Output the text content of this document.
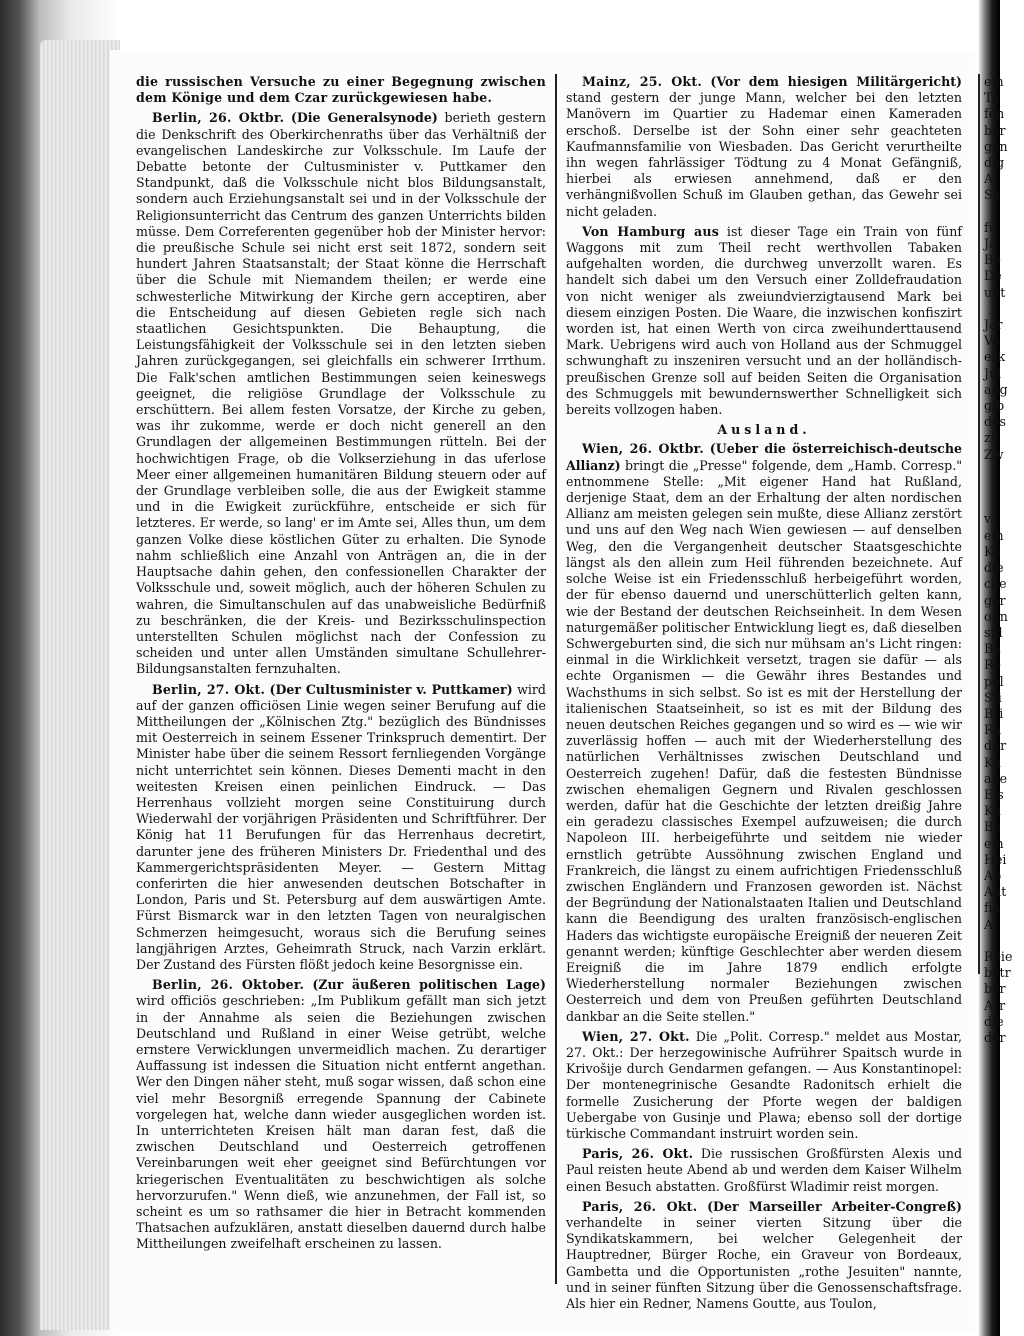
die russischen Versuche zu einer Begegnung zwischen dem Könige und dem Czar zurückgewiesen habe.

Berlin, 26. Oktbr. (Die Generalsynode) berieth gestern die Denkschrift des Oberkirchenraths über das Verhältniß der evangelischen Landeskirche zur Volksschule. Im Laufe der Debatte betonte der Cultusminister v. Puttkamer den Standpunkt, daß die Volksschule nicht blos Bildungsanstalt, sondern auch Erziehungsanstalt sei und in der Volksschule der Religionsunterricht das Centrum des ganzen Unterrichts bilden müsse. Dem Correferenten gegenüber hob der Minister hervor: die preußische Schule sei nicht erst seit 1872, sondern seit hundert Jahren Staatsanstalt; der Staat könne die Herrschaft über die Schule mit Niemandem theilen; er werde eine schwesterliche Mitwirkung der Kirche gern acceptiren, aber die Entscheidung auf diesen Gebieten regle sich nach staatlichen Gesichtspunkten. Die Behauptung, die Leistungsfähigkeit der Volksschule sei in den letzten sieben Jahren zurückgegangen, sei gleichfalls ein schwerer Irrthum. Die Falk'schen amtlichen Bestimmungen seien keineswegs geeignet, die religiöse Grundlage der Volksschule zu erschüttern. Bei allem festen Vorsatze, der Kirche zu geben, was ihr zukomme, werde er doch nicht generell an den Grundlagen der allgemeinen Bestimmungen rütteln. Bei der hochwichtigen Frage, ob die Volkserziehung in das uferlose Meer einer allgemeinen humanitären Bildung steuern oder auf der Grundlage verbleiben solle, die aus der Ewigkeit stamme und in die Ewigkeit zurückführe, entscheide er sich für letzteres. Er werde, so lang' er im Amte sei, Alles thun, um dem ganzen Volke diese köstlichen Güter zu erhalten. Die Synode nahm schließlich eine Anzahl von Anträgen an, die in der Hauptsache dahin gehen, den confessionellen Charakter der Volksschule und, soweit möglich, auch der höheren Schulen zu wahren, die Simultanschulen auf das unabweisliche Bedürfniß zu beschränken, die der Kreis- und Bezirksschulinspection unterstellten Schulen möglichst nach der Confession zu scheiden und unter allen Umständen simultane Schullehrer-Bildungsanstalten fernzuhalten.

Berlin, 27. Okt. (Der Cultusminister v. Puttkamer) wird auf der ganzen officiösen Linie wegen seiner Berufung auf die Mittheilungen der „Kölnischen Ztg." bezüglich des Bündnisses mit Oesterreich in seinem Essener Trinkspruch dementirt. Der Minister habe über die seinem Ressort fernliegenden Vorgänge nicht unterrichtet sein können. Dieses Dementi macht in den weitesten Kreisen einen peinlichen Eindruck. — Das Herrenhaus vollzieht morgen seine Constituirung durch Wiederwahl der vorjährigen Präsidenten und Schriftführer. Der König hat 11 Berufungen für das Herrenhaus decretirt, darunter jene des früheren Ministers Dr. Friedenthal und des Kammergerichtspräsidenten Meyer. — Gestern Mittag conferirten die hier anwesenden deutschen Botschafter in London, Paris und St. Petersburg auf dem auswärtigen Amte. Fürst Bismarck war in den letzten Tagen von neuralgischen Schmerzen heimgesucht, woraus sich die Berufung seines langjährigen Arztes, Geheimrath Struck, nach Varzin erklärt. Der Zustand des Fürsten flößt jedoch keine Besorgnisse ein.

Berlin, 26. Oktober. (Zur äußeren politischen Lage) wird officiös geschrieben: „Im Publikum gefällt man sich jetzt in der Annahme als seien die Beziehungen zwischen Deutschland und Rußland in einer Weise getrübt, welche ernstere Verwicklungen unvermeidlich machen. Zu derartiger Auffassung ist indessen die Situation nicht entfernt angethan. Wer den Dingen näher steht, muß sogar wissen, daß schon eine viel mehr Besorgniß erregende Spannung der Cabinete vorgelegen hat, welche dann wieder ausgeglichen worden ist. In unterrichteten Kreisen hält man daran fest, daß die zwischen Deutschland und Oesterreich getroffenen Vereinbarungen weit eher geeignet sind Befürchtungen vor kriegerischen Eventualitäten zu beschwichtigen als solche hervorzurufen." Wenn dieß, wie anzunehmen, der Fall ist, so scheint es um so rathsamer die hier in Betracht kommenden Thatsachen aufzuklären, anstatt dieselben dauernd durch halbe Mittheilungen zweifelhaft erscheinen zu lassen.

Mainz, 25. Okt. (Vor dem hiesigen Militärgericht) stand gestern der junge Mann, welcher bei den letzten Manövern im Quartier zu Hademar einen Kameraden erschoß. Derselbe ist der Sohn einer sehr geachteten Kaufmannsfamilie von Wiesbaden. Das Gericht verurtheilte ihn wegen fahrlässiger Tödtung zu 4 Monat Gefängniß, hierbei als erwiesen annehmend, daß er den verhängnißvollen Schuß im Glauben gethan, das Gewehr sei nicht geladen.

Von Hamburg aus ist dieser Tage ein Train von fünf Waggons mit zum Theil recht werthvollen Tabaken aufgehalten worden, die durchweg unverzollt waren. Es handelt sich dabei um den Versuch einer Zolldefraudation von nicht weniger als zweiundvierzigtausend Mark bei diesem einzigen Posten. Die Waare, die inzwischen konfiszirt worden ist, hat einen Werth von circa zweihunderttausend Mark. Uebrigens wird auch von Holland aus der Schmuggel schwunghaft zu inszeniren versucht und an der holländisch-preußischen Grenze soll auf beiden Seiten die Organisation des Schmuggels mit bewundernswerther Schnelligkeit sich bereits vollzogen haben.

Ausland.

Wien, 26. Oktbr. (Ueber die österreichisch-deutsche Allianz) bringt die „Presse" folgende, dem „Hamb. Corresp." entnommene Stelle: „Mit eigener Hand hat Rußland, derjenige Staat, dem an der Erhaltung der alten nordischen Allianz am meisten gelegen sein mußte, diese Allianz zerstört und uns auf den Weg nach Wien gewiesen — auf denselben Weg, den die Vergangenheit deutscher Staatsgeschichte längst als den allein zum Heil führenden bezeichnete. Auf solche Weise ist ein Friedensschluß herbeigeführt worden, der für ebenso dauernd und unerschütterlich gelten kann, wie der Bestand der deutschen Reichseinheit. In dem Wesen naturgemäßer politischer Entwicklung liegt es, daß dieselben Schwergeburten sind, die sich nur mühsam an's Licht ringen: einmal in die Wirklichkeit versetzt, tragen sie dafür — als echte Organismen — die Gewähr ihres Bestandes und Wachsthums in sich selbst. So ist es mit der Herstellung der italienischen Staatseinheit, so ist es mit der Bildung des neuen deutschen Reiches gegangen und so wird es — wie wir zuverlässig hoffen — auch mit der Wiederherstellung des natürlichen Verhältnisses zwischen Deutschland und Oesterreich zugehen! Dafür, daß die festesten Bündnisse zwischen ehemaligen Gegnern und Rivalen geschlossen werden, dafür hat die Geschichte der letzten dreißig Jahre ein geradezu classisches Exempel aufzuweisen; die durch Napoleon III. herbeigeführte und seitdem nie wieder ernstlich getrübte Aussöhnung zwischen England und Frankreich, die längst zu einem aufrichtigen Friedensschluß zwischen Engländern und Franzosen geworden ist. Nächst der Begründung der Nationalstaaten Italien und Deutschland kann die Beendigung des uralten französisch-englischen Haders das wichtigste europäische Ereigniß der neueren Zeit genannt werden; künftige Geschlechter aber werden diesem Ereigniß die im Jahre 1879 endlich erfolgte Wiederherstellung normaler Beziehungen zwischen Oesterreich und dem von Preußen geführten Deutschland dankbar an die Seite stellen."

Wien, 27. Okt. Die „Polit. Corresp." meldet aus Mostar, 27. Okt.: Der herzegowinische Aufrührer Spaitsch wurde in Krivošije durch Gendarmen gefangen. — Aus Konstantinopel: Der montenegrinische Gesandte Radonitsch erhielt die formelle Zusicherung der Pforte wegen der baldigen Uebergabe von Gusinje und Plawa; ebenso soll der dortige türkische Commandant instruirt worden sein.

Paris, 26. Okt. Die russischen Großfürsten Alexis und Paul reisten heute Abend ab und werden dem Kaiser Wilhelm einen Besuch abstatten. Großfürst Wladimir reist morgen.

Paris, 26. Okt. (Der Marseiller Arbeiter-Congreß) verhandelte in seiner vierten Sitzung über die Syndikatskammern, bei welcher Gelegenheit der Hauptredner, Bürger Roche, ein Graveur von Bordeaux, Gambetta und die Opportunisten „rothe Jesuiten" nannte, und in seiner fünften Sitzung über die Genossenschaftsfrage. Als hier ein Redner, Namens Goutte, aus Toulon,

ein
Ta
fen
ber
gen
dig
Ar
Sa

fü
Ja
Bo
De
unt

Jar
Vo
erk
Jul
ang
gib
des
zu
Zw

v.
ein
Kö
die
che
ger
ohn
sid
Ba
Re
pol
Sti
Bri
Ra
dur
Ka
abe
Eis
Ka
Be
ein
Hei
Ab
Ant
fin
Ar

Reie
betr
ber
Arr
die
der
